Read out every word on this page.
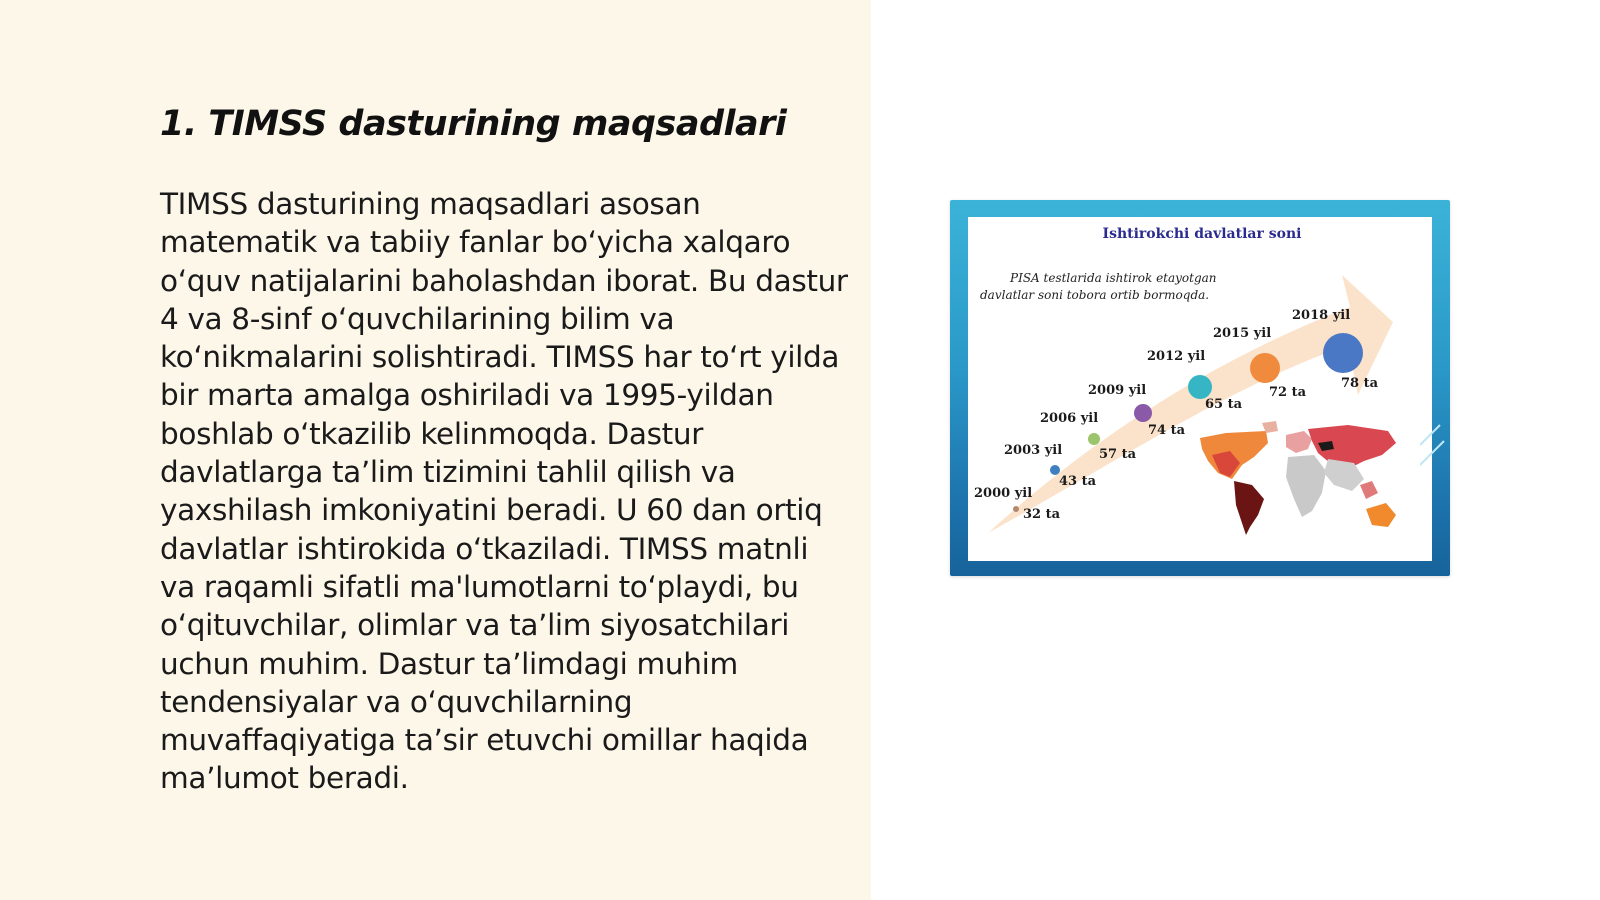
1. TIMSS dasturining maqsadlari

TIMSS dasturining maqsadlari asosan matematik va tabiiy fanlar bo‘yicha xalqaro o‘quv natijalarini baholashdan iborat. Bu dastur 4 va 8-sinf o‘quvchilarining bilim va ko‘nikmalarini solishtiradi. TIMSS har to‘rt yilda bir marta amalga oshiriladi va 1995-yildan boshlab o‘tkazilib kelinmoqda. Dastur davlatlarga ta’lim tizimini tahlil qilish va yaxshilash imkoniyatini beradi. U 60 dan ortiq davlatlar ishtirokida o‘tkaziladi. TIMSS matnli va raqamli sifatli ma'lumotlarni to‘playdi, bu o‘qituvchilar, olimlar va ta’lim siyosatchilari uchun muhim. Dastur ta’limdagi muhim tendensiyalar va o‘quvchilarning muvaffaqiyatiga ta’sir etuvchi omillar haqida ma’lumot beradi.

Ishtirokchi davlatlar soni
PISA testlarida ishtirok etayotgan
davlatlar soni tobora ortib bormoqda.
2000 yil
32 ta
2003 yil
43 ta
2006 yil
57 ta
2009 yil
74 ta
2012 yil
65 ta
2015 yil
72 ta
2018 yil
78 ta
